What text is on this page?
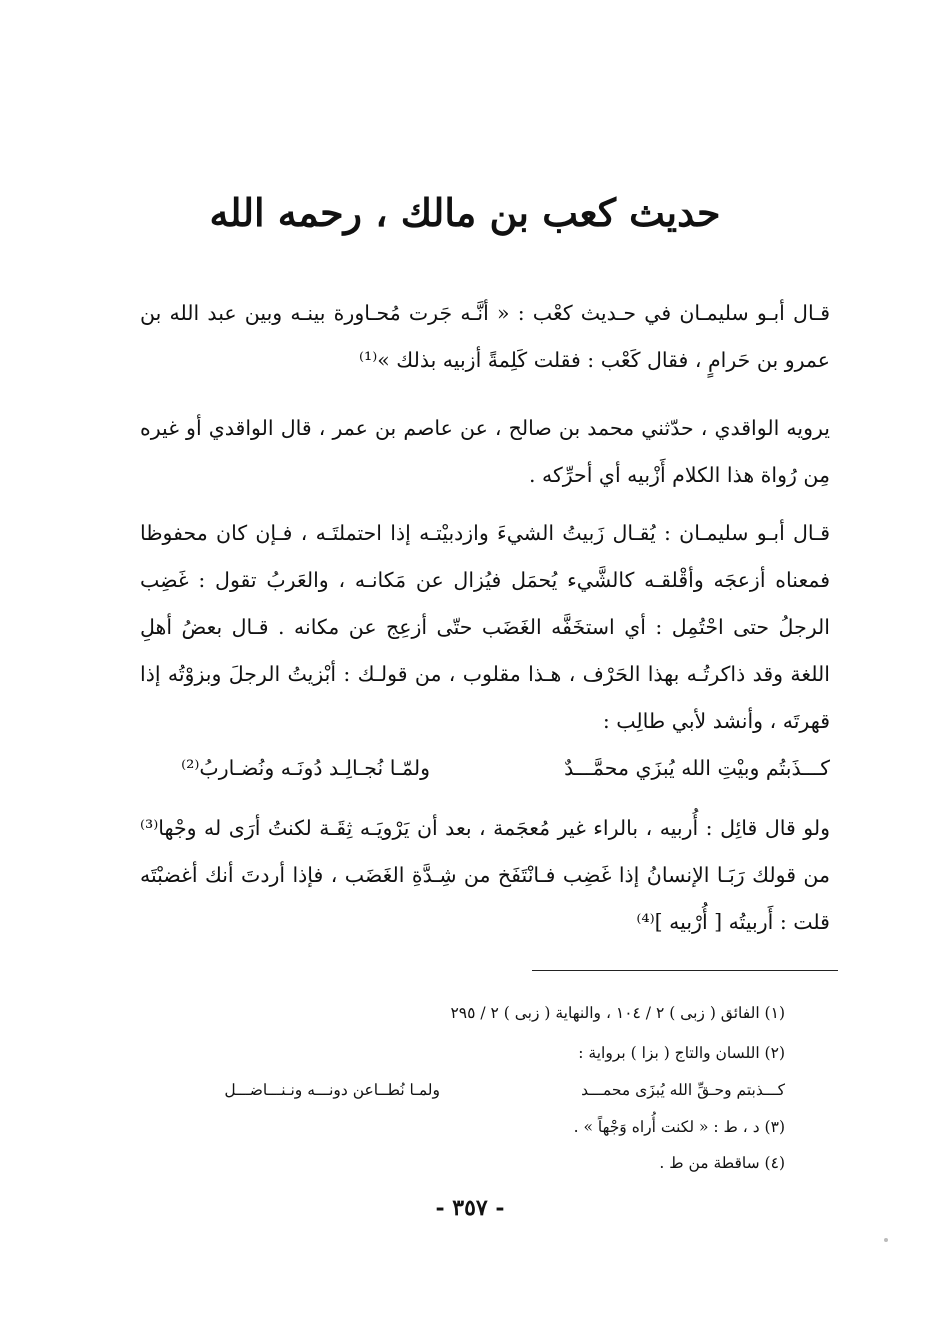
حديث كعب بن مالك ، رحمه الله
قـال أبـو سليمـان في حـديث كعْب : « أنَّـه جَرت مُحـاورة بينـه وبين عبد الله بن عمرو بن حَرامٍ ، فقال كَعْب : فقلت كَلِمةً أزبيه بذلك »⁽¹⁾
يرويه الواقدي ، حدّثني محمد بن صالح ، عن عاصم بن عمر ، قال الواقدي أو غيره مِن رُواة هذا الكلام أَزْبيه أي أحرِّكه .
قـال أبـو سليمـان : يُقـال زَبيتُ الشيءَ وازدبيْتـه إذا احتملتَـه ، فـإن كان محفوظا فمعناه أزعجَه وأقْلقـه كالشَّيء يُحمَل فيُزال عن مَكانـه ، والعَربُ تقول : غَضِب الرجلُ حتى احْتُمِل : أي استخَفَّه الغَضَب حتّى أزعِج عن مكانه . قـال بعضُ أهلِ اللغة وقد ذاكرتُـه بهذا الحَرْف ، هـذا مقلوب ، من قولـك : أبْزيتُ الرجلَ وبزوْتُه إذا قهرتَه ، وأنشد لأبي طالِب :
كـــذَبتُم وبيْتِ الله يُبزَي محمَّـــدٌ
ولمّـا نُجـالِـد دُونَـه ونُضـاربُ⁽²⁾
ولو قال قائِل : أُربيه ، بالراء غير مُعجَمة ، بعد أن يَرْويَـه ثِقَـة لكنتُ أرَى له وجْها⁽³⁾ من قولك رَبَـا الإنسانُ إذا غَضِب فـانْتَفَخ من شِـدَّةِ الغَضَب ، فإذا أردتَ أنك أغضبْتَه قلت : أَربيتُه [ أُرْبيه ]⁽⁴⁾
(١) الفائق ( زبى ) ٢ / ١٠٤ ، والنهاية ( زبى ) ٢ / ٢٩٥
(٢) اللسان والتاج ( بزا ) برواية :
كـــذبتم وحـقِّ الله يُبزَى محمـــد
ولمـا نُطــاعن دونـــه ونـنـــاضـــل
(٣) د ، ط : « لكنت أُراه وَجْهاً » .
(٤) ساقطة من ط .
- ٣٥٧ -
